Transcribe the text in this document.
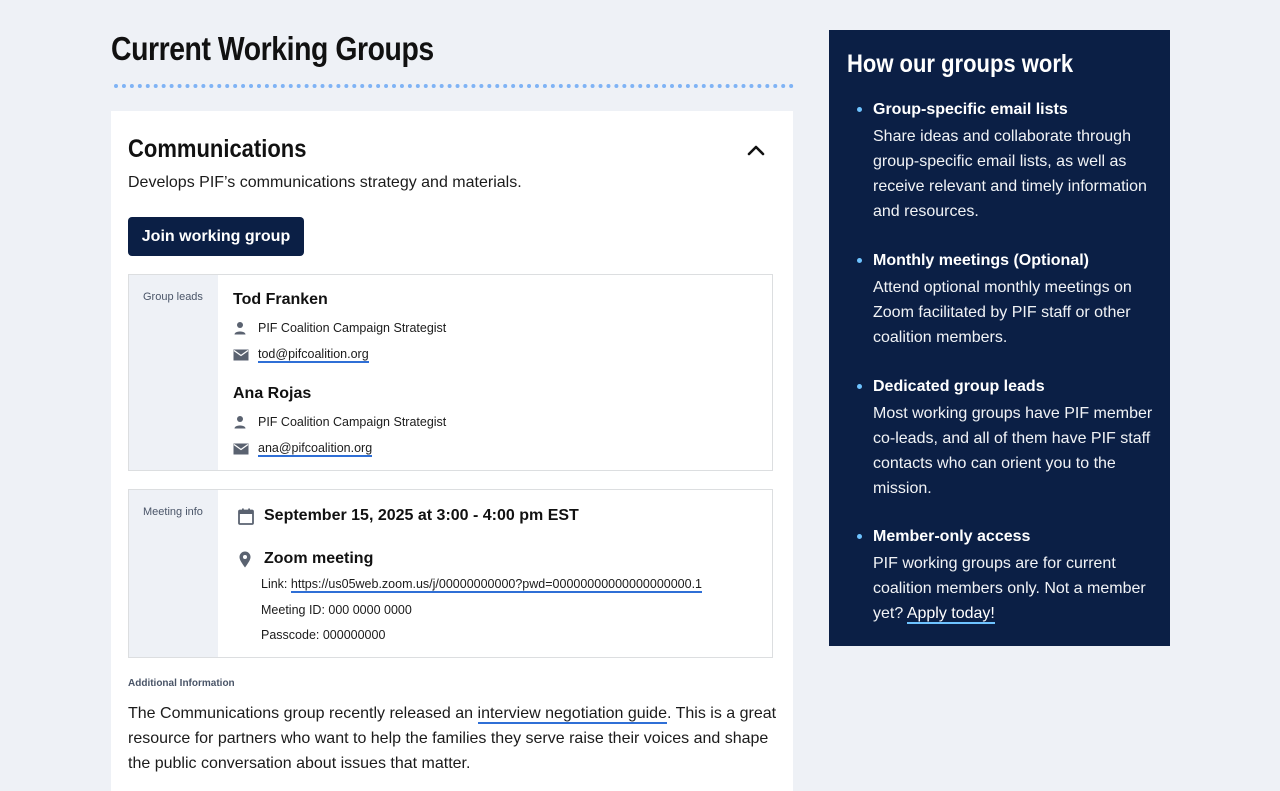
Current Working Groups
Communications
Develops PIF’s communications strategy and materials.
Join working group
Group leads Tod Franken
PIF Coalition Campaign Strategist
tod@pifcoalition.org
Ana Rojas
PIF Coalition Campaign Strategist
ana@pifcoalition.org
Meeting info	September 15, 2025 at 3:00 - 4:00 pm EST
Zoom meeting
Link: https://us05web.zoom.us/j/00000000000?pwd=00000000000000000000.1
Meeting ID: 000 0000 0000
Passcode: 000000000
Additional Information
The Communications group recently released an interview negotiation guide. This is a great resource for partners who want to help the families they serve raise their voices and shape the public conversation about issues that matter.
How our groups work
Group-specific email lists
Share ideas and collaborate through group-specific email lists, as well as receive relevant and timely information and resources.
Monthly meetings (Optional)
Attend optional monthly meetings on Zoom facilitated by PIF staff or other coalition members.
Dedicated group leads
Most working groups have PIF member co-leads, and all of them have PIF staff contacts who can orient you to the mission.
Member-only access
PIF working groups are for current coalition members only. Not a member yet? Apply today!
